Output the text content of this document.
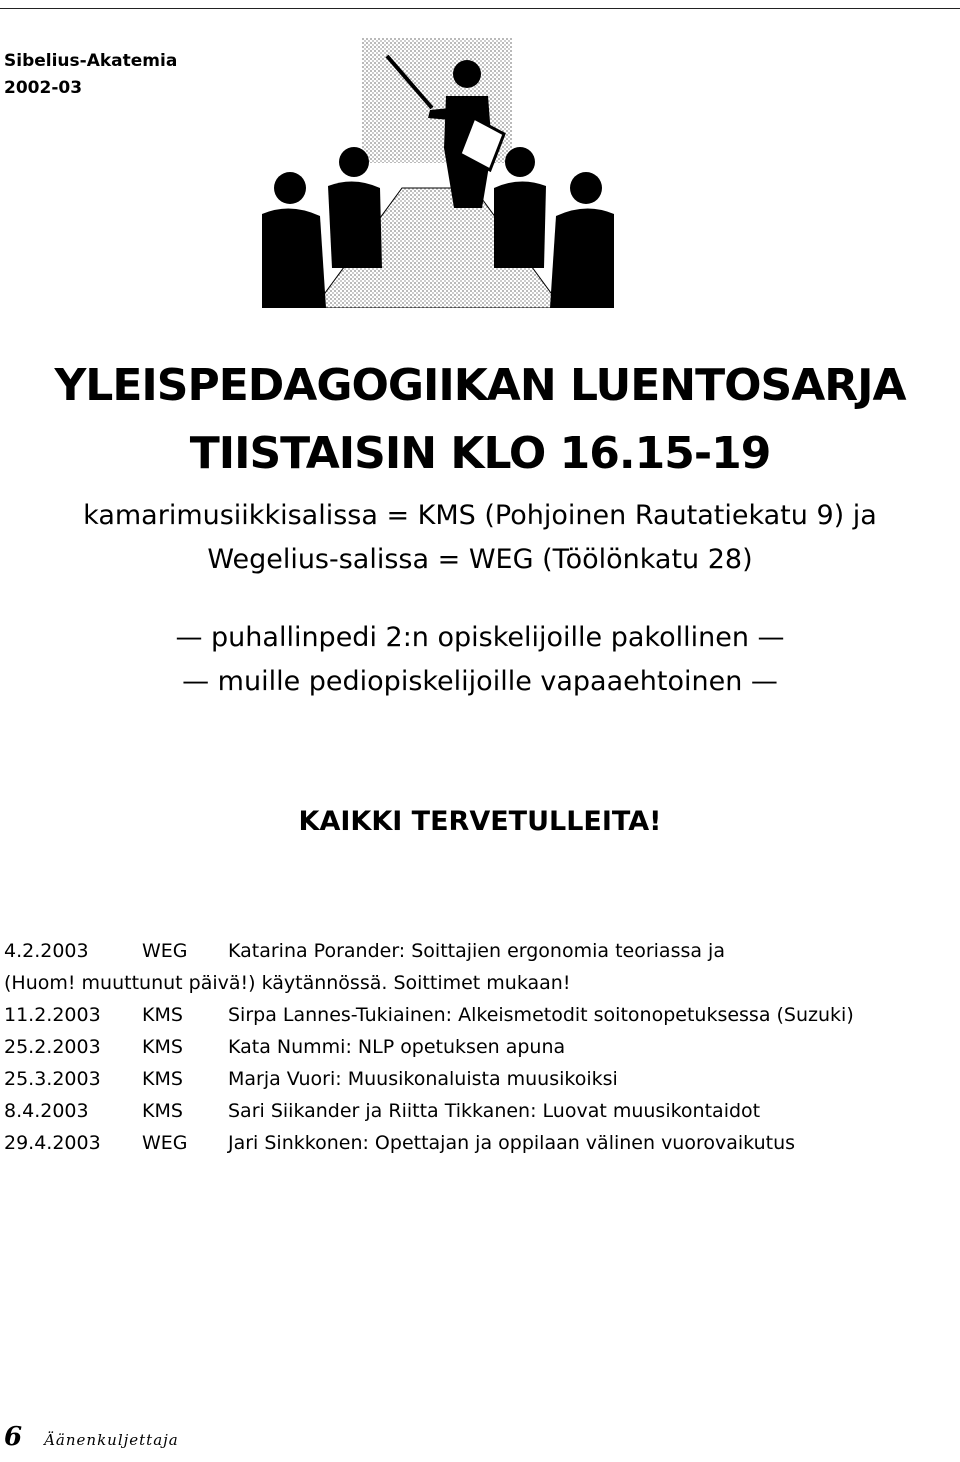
Sibelius-Akatemia
2002-03
YLEISPEDAGOGIIKAN LUENTOSARJA
TIISTAISIN KLO 16.15-19
kamarimusiikkisalissa = KMS (Pohjoinen Rautatiekatu 9) ja
Wegelius-salissa = WEG (Töölönkatu 28)
— puhallinpedi 2:n opiskelijoille pakollinen —
— muille pediopiskelijoille vapaaehtoinen —
KAIKKI TERVETULLEITA!
4.2.2003	WEG Katarina Porander: Soittajien ergonomia teoriassa ja
(Huom! muuttunut päivä!) käytännössä. Soittimet mukaan!
11.2.2003 KMS Sirpa Lannes-Tukiainen: Alkeismetodit soitonopetuksessa (Suzuki)
25.2.2003 KMS Kata Nummi: NLP opetuksen apuna
25.3.2003 KMS Marja Vuori: Muusikonaluista muusikoiksi
8.4.2003	KMS Sari Siikander ja Riitta Tikkanen: Luovat muusikontaidot
29.4.2003 WEG Jari Sinkkonen: Opettajan ja oppilaan välinen vuorovaikutus
6 Äänenkuljettaja
